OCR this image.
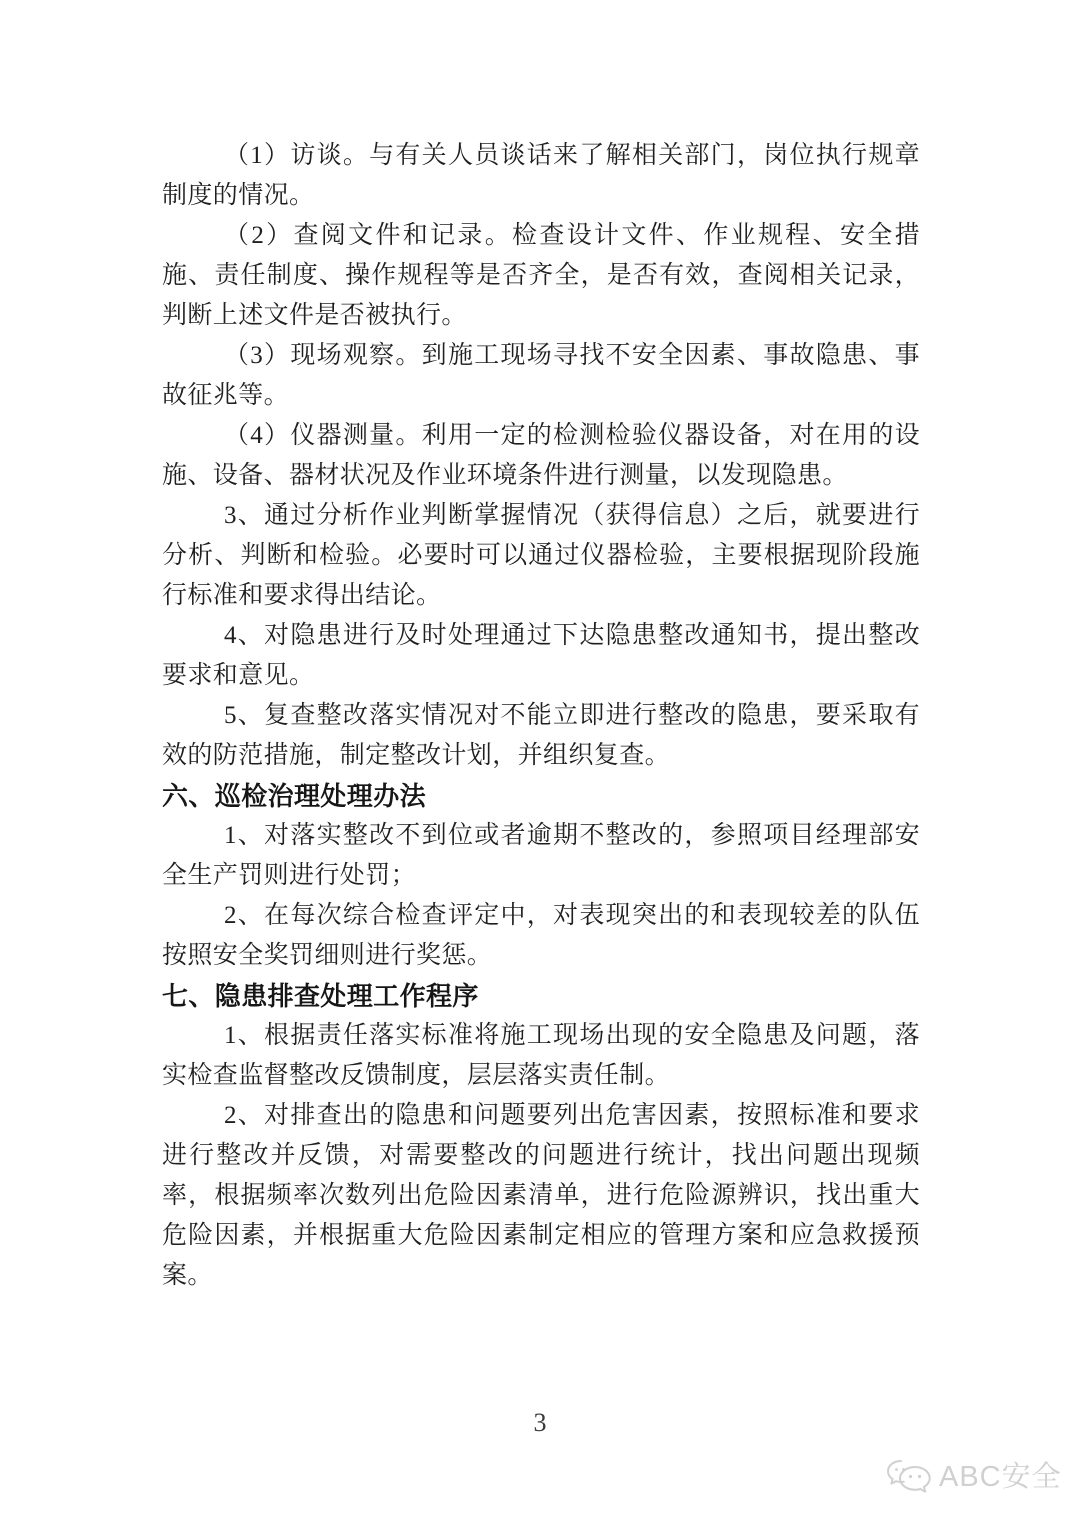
（1）访谈。与有关人员谈话来了解相关部门，岗位执行规章制度的情况。

（2）查阅文件和记录。检查设计文件、作业规程、安全措施、责任制度、操作规程等是否齐全，是否有效，查阅相关记录，判断上述文件是否被执行。

（3）现场观察。到施工现场寻找不安全因素、事故隐患、事故征兆等。

（4）仪器测量。利用一定的检测检验仪器设备，对在用的设施、设备、器材状况及作业环境条件进行测量，以发现隐患。

3、通过分析作业判断掌握情况（获得信息）之后，就要进行分析、判断和检验。必要时可以通过仪器检验，主要根据现阶段施行标准和要求得出结论。

4、对隐患进行及时处理通过下达隐患整改通知书，提出整改要求和意见。

5、复查整改落实情况对不能立即进行整改的隐患，要采取有效的防范措施，制定整改计划，并组织复查。

六、巡检治理处理办法

1、对落实整改不到位或者逾期不整改的，参照项目经理部安全生产罚则进行处罚；

2、在每次综合检查评定中，对表现突出的和表现较差的队伍按照安全奖罚细则进行奖惩。

七、隐患排查处理工作程序

1、根据责任落实标准将施工现场出现的安全隐患及问题，落实检查监督整改反馈制度，层层落实责任制。

2、对排查出的隐患和问题要列出危害因素，按照标准和要求进行整改并反馈，对需要整改的问题进行统计，找出问题出现频率，根据频率次数列出危险因素清单，进行危险源辨识，找出重大危险因素，并根据重大危险因素制定相应的管理方案和应急救援预案。

3
ABC安全
